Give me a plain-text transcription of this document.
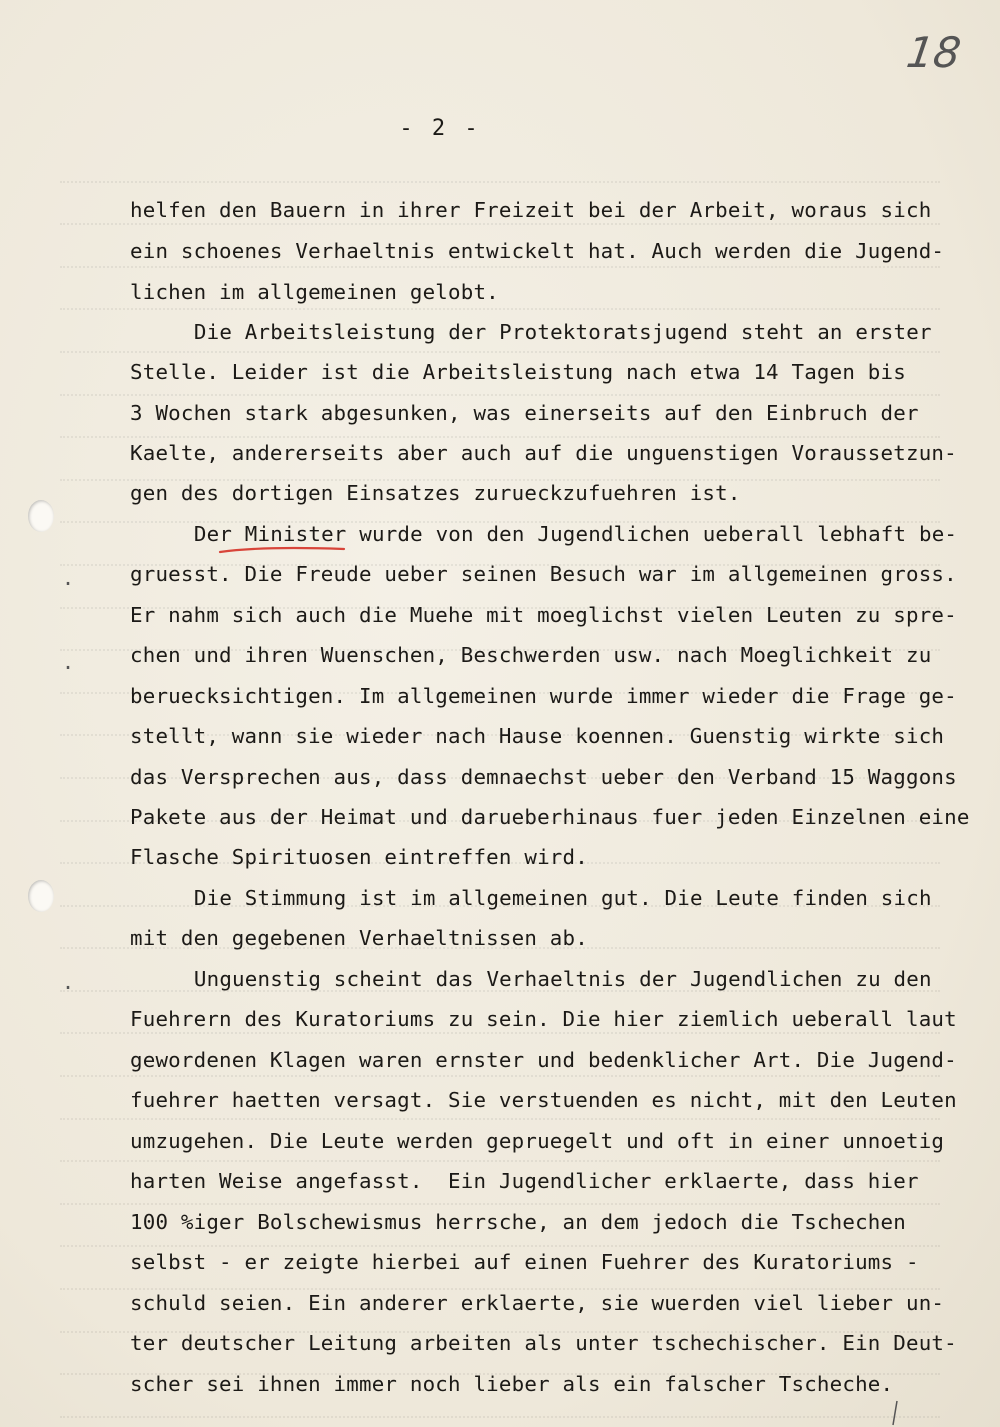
18
- 2 -
.
.
.
helfen den Bauern in ihrer Freizeit bei der Arbeit, woraus sich
ein schoenes Verhaeltnis entwickelt hat. Auch werden die Jugend-
lichen im allgemeinen gelobt.
Die Arbeitsleistung der Protektoratsjugend steht an erster
Stelle. Leider ist die Arbeitsleistung nach etwa 14 Tagen bis
3 Wochen stark abgesunken, was einerseits auf den Einbruch der
Kaelte, andererseits aber auch auf die unguenstigen Voraussetzun-
gen des dortigen Einsatzes zurueckzufuehren ist.
Der Minister wurde von den Jugendlichen ueberall lebhaft be-
gruesst. Die Freude ueber seinen Besuch war im allgemeinen gross.
Er nahm sich auch die Muehe mit moeglichst vielen Leuten zu spre-
chen und ihren Wuenschen, Beschwerden usw. nach Moeglichkeit zu
beruecksichtigen. Im allgemeinen wurde immer wieder die Frage ge-
stellt, wann sie wieder nach Hause koennen. Guenstig wirkte sich
das Versprechen aus, dass demnaechst ueber den Verband 15 Waggons
Pakete aus der Heimat und darueberhinaus fuer jeden Einzelnen eine
Flasche Spirituosen eintreffen wird.
Die Stimmung ist im allgemeinen gut. Die Leute finden sich
mit den gegebenen Verhaeltnissen ab.
Unguenstig scheint das Verhaeltnis der Jugendlichen zu den
Fuehrern des Kuratoriums zu sein. Die hier ziemlich ueberall laut
gewordenen Klagen waren ernster und bedenklicher Art. Die Jugend-
fuehrer haetten versagt. Sie verstuenden es nicht, mit den Leuten
umzugehen. Die Leute werden gepruegelt und oft in einer unnoetig
harten Weise angefasst.  Ein Jugendlicher erklaerte, dass hier
100 %iger Bolschewismus herrsche, an dem jedoch die Tschechen
selbst - er zeigte hierbei auf einen Fuehrer des Kuratoriums -
schuld seien. Ein anderer erklaerte, sie wuerden viel lieber un-
ter deutscher Leitung arbeiten als unter tschechischer. Ein Deut-
scher sei ihnen immer noch lieber als ein falscher Tscheche.
